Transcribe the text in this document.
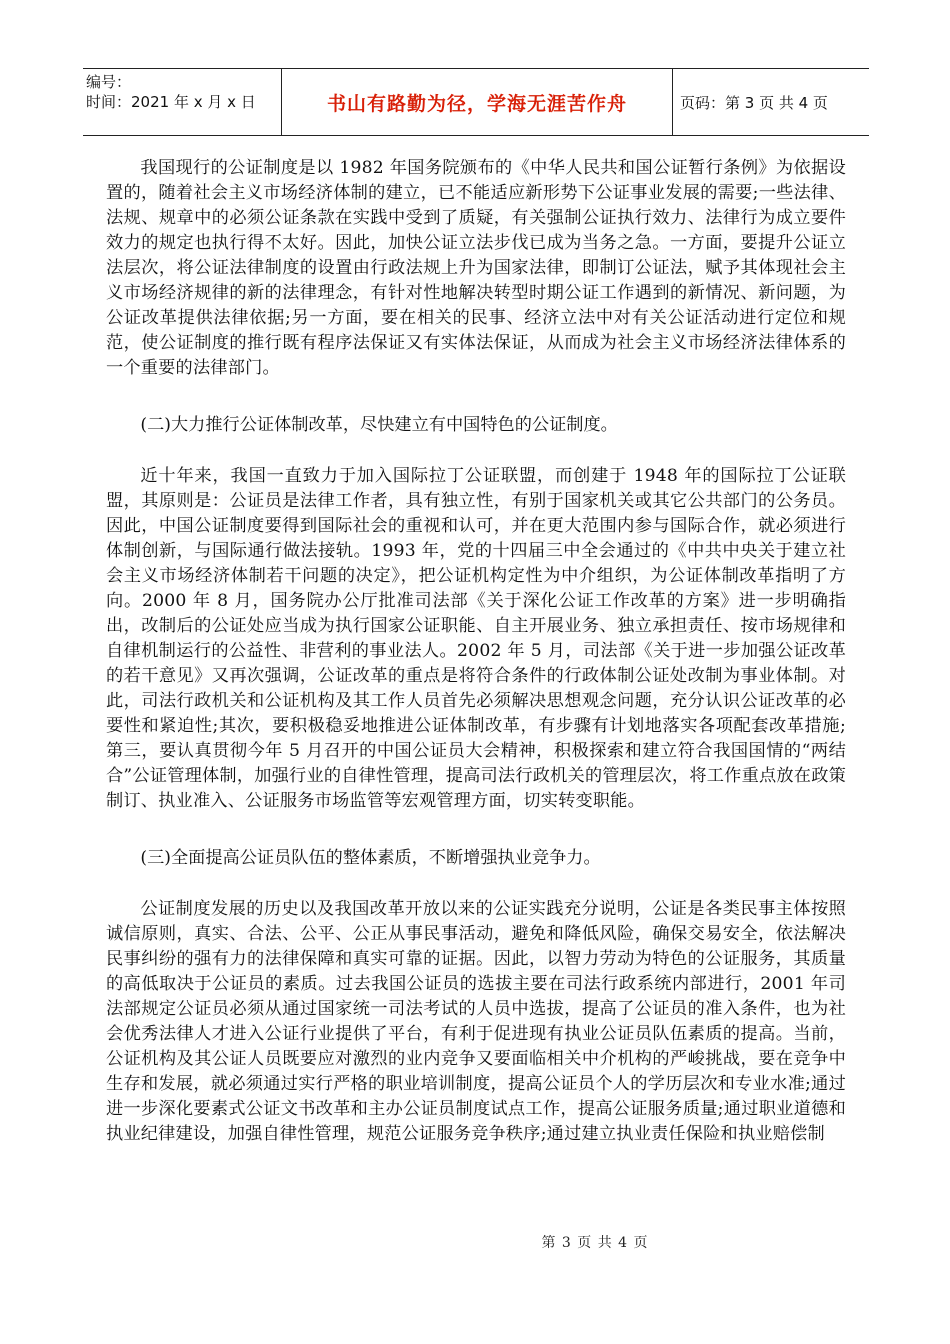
编号：
时间：2021 年 x 月 x 日	书山有路勤为径，学海无涯苦作舟	页码：第 3 页 共 4 页

我国现行的公证制度是以 1982 年国务院颁布的《中华人民共和国公证暂行条例》为依据设置的，随着社会主义市场经济体制的建立，已不能适应新形势下公证事业发展的需要;一些法律、法规、规章中的必须公证条款在实践中受到了质疑，有关强制公证执行效力、法律行为成立要件效力的规定也执行得不太好。因此，加快公证立法步伐已成为当务之急。一方面，要提升公证立法层次，将公证法律制度的设置由行政法规上升为国家法律，即制订公证法，赋予其体现社会主义市场经济规律的新的法律理念，有针对性地解决转型时期公证工作遇到的新情况、新问题，为公证改革提供法律依据;另一方面，要在相关的民事、经济立法中对有关公证活动进行定位和规范，使公证制度的推行既有程序法保证又有实体法保证，从而成为社会主义市场经济法律体系的一个重要的法律部门。

(二)大力推行公证体制改革，尽快建立有中国特色的公证制度。

近十年来，我国一直致力于加入国际拉丁公证联盟，而创建于 1948 年的国际拉丁公证联盟，其原则是：公证员是法律工作者，具有独立性，有别于国家机关或其它公共部门的公务员。因此，中国公证制度要得到国际社会的重视和认可，并在更大范围内参与国际合作，就必须进行体制创新，与国际通行做法接轨。1993 年，党的十四届三中全会通过的《中共中央关于建立社会主义市场经济体制若干问题的决定》，把公证机构定性为中介组织，为公证体制改革指明了方向。2000 年 8 月，国务院办公厅批准司法部《关于深化公证工作改革的方案》进一步明确指出，改制后的公证处应当成为执行国家公证职能、自主开展业务、独立承担责任、按市场规律和自律机制运行的公益性、非营利的事业法人。2002 年 5 月，司法部《关于进一步加强公证改革的若干意见》又再次强调，公证改革的重点是将符合条件的行政体制公证处改制为事业体制。对此，司法行政机关和公证机构及其工作人员首先必须解决思想观念问题，充分认识公证改革的必要性和紧迫性;其次，要积极稳妥地推进公证体制改革，有步骤有计划地落实各项配套改革措施;第三，要认真贯彻今年 5 月召开的中国公证员大会精神，积极探索和建立符合我国国情的“两结合”公证管理体制，加强行业的自律性管理，提高司法行政机关的管理层次，将工作重点放在政策制订、执业准入、公证服务市场监管等宏观管理方面，切实转变职能。

(三)全面提高公证员队伍的整体素质，不断增强执业竞争力。

公证制度发展的历史以及我国改革开放以来的公证实践充分说明，公证是各类民事主体按照诚信原则，真实、合法、公平、公正从事民事活动，避免和降低风险，确保交易安全，依法解决民事纠纷的强有力的法律保障和真实可靠的证据。因此，以智力劳动为特色的公证服务，其质量的高低取决于公证员的素质。过去我国公证员的选拔主要在司法行政系统内部进行，2001 年司法部规定公证员必须从通过国家统一司法考试的人员中选拔，提高了公证员的准入条件，也为社会优秀法律人才进入公证行业提供了平台，有利于促进现有执业公证员队伍素质的提高。当前，公证机构及其公证人员既要应对激烈的业内竞争又要面临相关中介机构的严峻挑战，要在竞争中生存和发展，就必须通过实行严格的职业培训制度，提高公证员个人的学历层次和专业水准;通过进一步深化要素式公证文书改革和主办公证员制度试点工作，提高公证服务质量;通过职业道德和执业纪律建设，加强自律性管理，规范公证服务竞争秩序;通过建立执业责任保险和执业赔偿制

第 3 页 共 4 页
